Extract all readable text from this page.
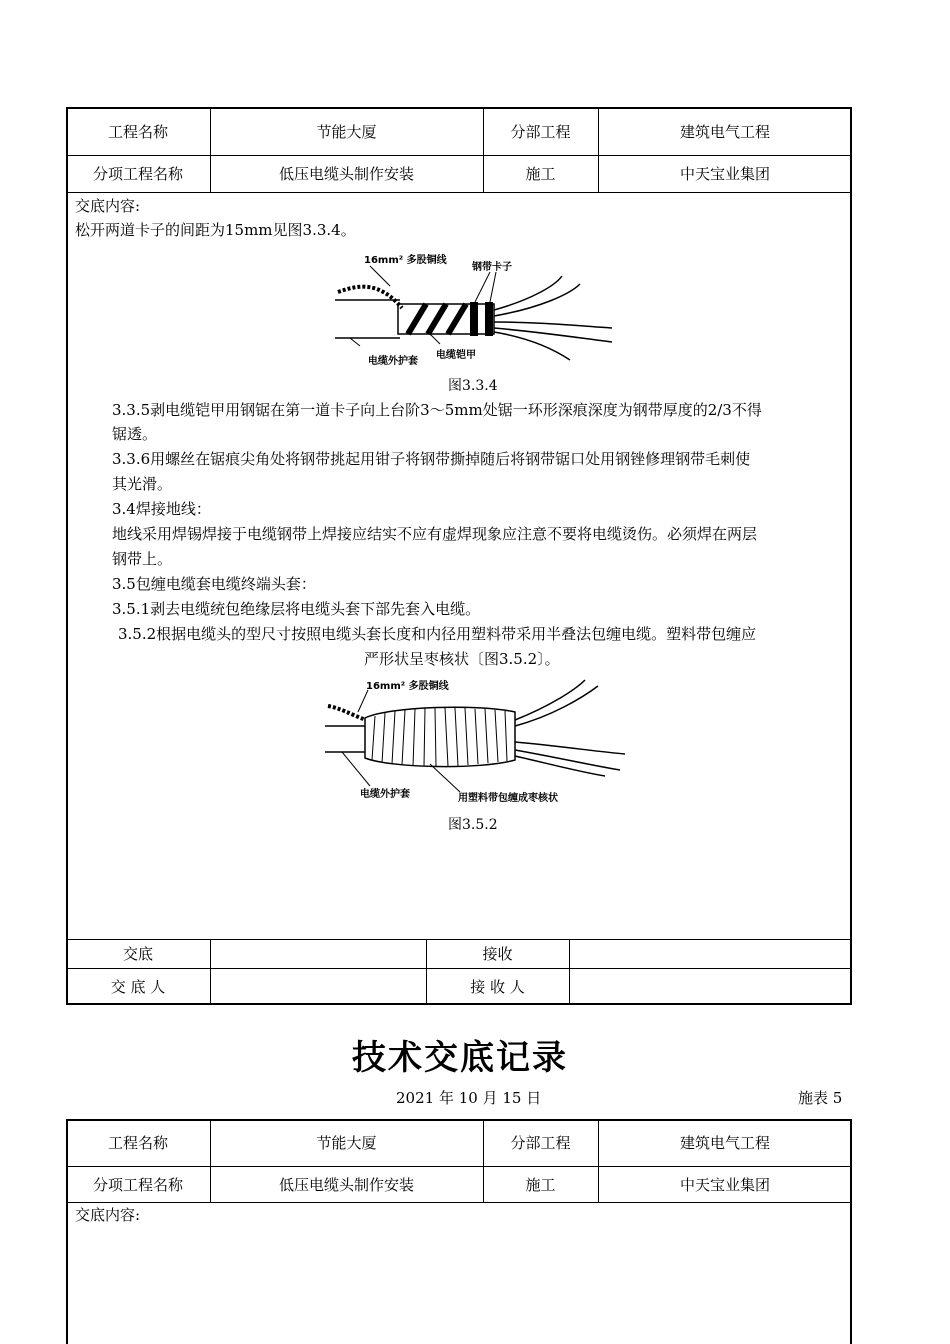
工程名称	节能大厦	分部工程	建筑电气工程
分项工程名称	低压电缆头制作安装	施工	中天宝业集团
交底内容:
松开两道卡子的间距为15mm见图3.3.4。
16mm² 多股铜线
钢带卡子
电缆外护套
电缆铠甲
图3.3.4
3.3.5剥电缆铠甲用钢锯在第一道卡子向上台阶3～5mm处锯一环形深痕深度为钢带厚度的2/3不得
锯透。
3.3.6用螺丝在锯痕尖角处将钢带挑起用钳子将钢带撕掉随后将钢带锯口处用钢锉修理钢带毛刺使
其光滑。
3.4焊接地线：
地线采用焊锡焊接于电缆钢带上焊接应结实不应有虚焊现象应注意不要将电缆烫伤。必须焊在两层
钢带上。
3.5包缠电缆套电缆终端头套：
3.5.1剥去电缆统包绝缘层将电缆头套下部先套入电缆。
3.5.2根据电缆头的型尺寸按照电缆头套长度和内径用塑料带采用半叠法包缠电缆。塑料带包缠应
严形状呈枣核状〔图3.5.2〕。
16mm² 多股铜线
电缆外护套	用塑料带包缠成枣核状
图3.5.2
交底	接收
交 底 人	接 收 人
技术交底记录
2021 年 10 月 15 日	施表 5
工程名称	节能大厦	分部工程	建筑电气工程
分项工程名称	低压电缆头制作安装	施工	中天宝业集团
交底内容:
